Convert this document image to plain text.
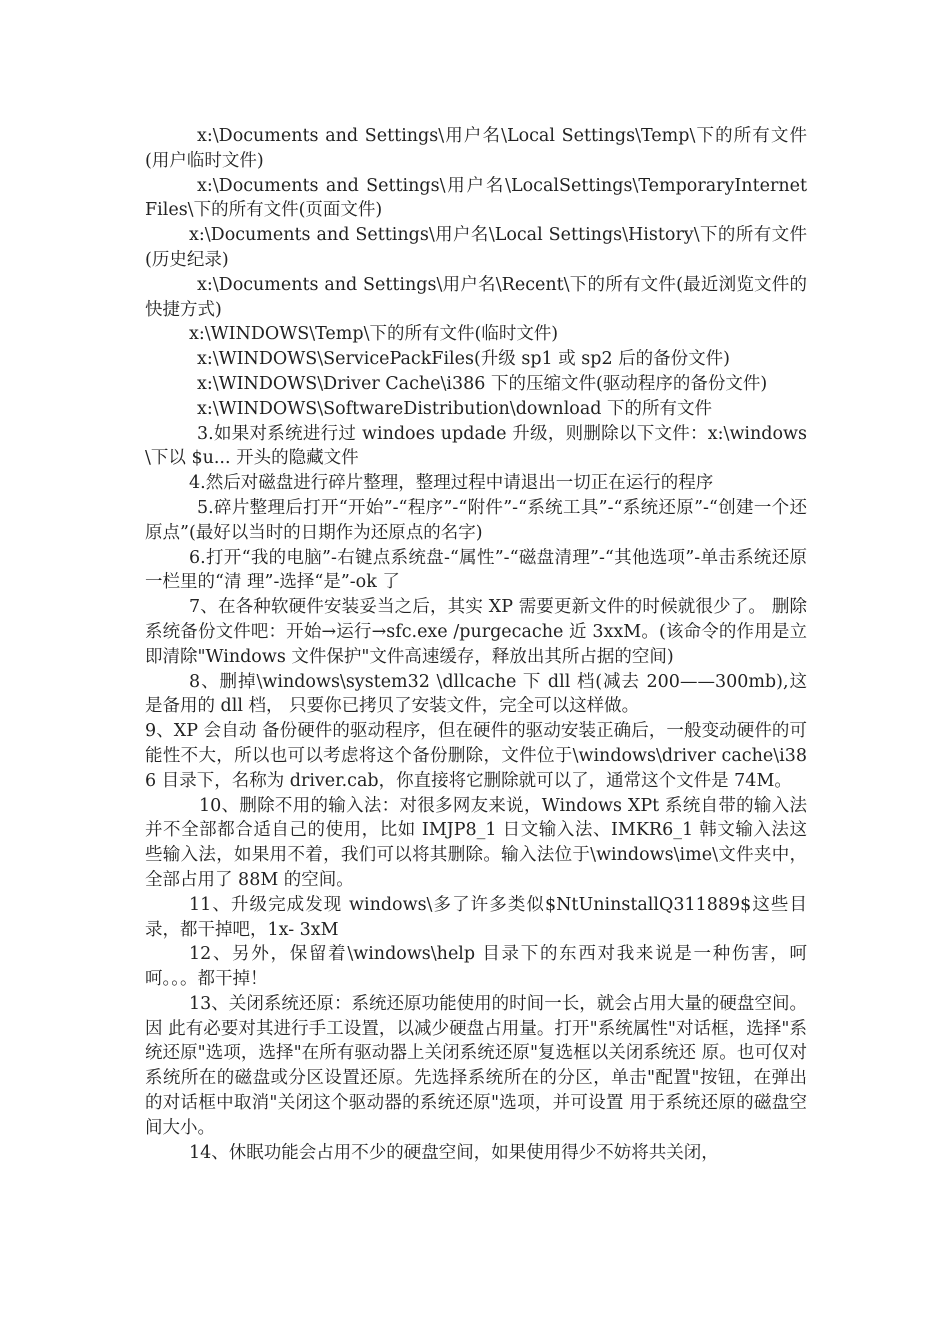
x:\Documents and Settings\用户名\Local Settings\Temp\下的所有文件(用户临时文件)

x:\Documents and Settings\用户名\LocalSettings\TemporaryInternet Files\下的所有文件(页面文件)

x:\Documents and Settings\用户名\Local Settings\History\下的所有文件(历史纪录)

x:\Documents and Settings\用户名\Recent\下的所有文件(最近浏览文件的快捷方式)

x:\WINDOWS\Temp\下的所有文件(临时文件)

x:\WINDOWS\ServicePackFiles(升级 sp1 或 sp2 后的备份文件)

x:\WINDOWS\Driver Cache\i386 下的压缩文件(驱动程序的备份文件)

x:\WINDOWS\SoftwareDistribution\download 下的所有文件

3.如果对系统进行过 windoes updade 升级，则删除以下文件：x:\windows\下以 $u... 开头的隐藏文件

4.然后对磁盘进行碎片整理，整理过程中请退出一切正在运行的程序

5.碎片整理后打开“开始”-“程序”-“附件”-“系统工具”-“系统还原”-“创建一个还原点”(最好以当时的日期作为还原点的名字)

6.打开“我的电脑”-右键点系统盘-“属性”-“磁盘清理”-“其他选项”-单击系统还原一栏里的“清 理”-选择“是”-ok 了

7、在各种软硬件安装妥当之后，其实 XP 需要更新文件的时候就很少了。 删除系统备份文件吧：开始→运行→sfc.exe /purgecache 近 3xxM。(该命令的作用是立即清除"Windows 文件保护"文件高速缓存，释放出其所占据的空间)

8、删掉\windows\system32 \dllcache 下 dll 档(减去 200——300mb),这是备用的 dll 档， 只要你已拷贝了安装文件，完全可以这样做。

9、XP 会自动 备份硬件的驱动程序，但在硬件的驱动安装正确后，一般变动硬件的可能性不大，所以也可以考虑将这个备份删除，文件位于\windows\driver cache\i386 目录下，名称为 driver.cab，你直接将它删除就可以了，通常这个文件是 74M。

10、删除不用的输入法：对很多网友来说，Windows XPt 系统自带的输入法并不全部都合适自己的使用，比如 IMJP8_1 日文输入法、IMKR6_1 韩文输入法这些输入法，如果用不着，我们可以将其删除。输入法位于\windows\ime\文件夹中，全部占用了 88M 的空间。

11、升级完成发现 windows\多了许多类似$NtUninstallQ311889$这些目录，都干掉吧，1x- 3xM

12、另外，保留着\windows\help 目录下的东西对我来说是一种伤害，呵 呵。。。都干掉！

13、关闭系统还原：系统还原功能使用的时间一长，就会占用大量的硬盘空间。因 此有必要对其进行手工设置，以减少硬盘占用量。打开"系统属性"对话框，选择"系统还原"选项，选择"在所有驱动器上关闭系统还原"复选框以关闭系统还 原。也可仅对系统所在的磁盘或分区设置还原。先选择系统所在的分区，单击"配置"按钮，在弹出的对话框中取消"关闭这个驱动器的系统还原"选项，并可设置 用于系统还原的磁盘空间大小。

14、休眠功能会占用不少的硬盘空间，如果使用得少不妨将共关闭，
